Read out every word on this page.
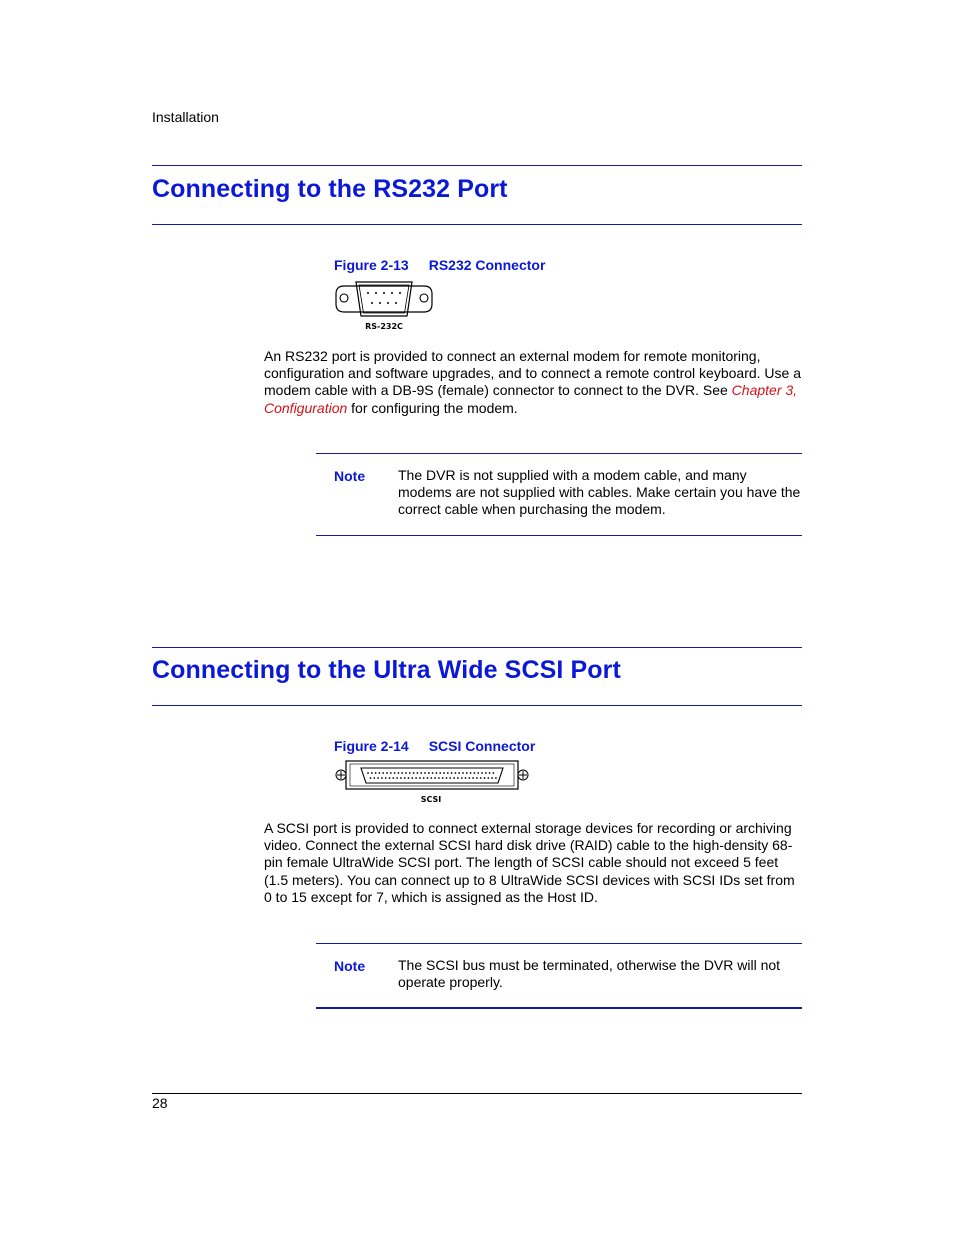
Installation
Connecting to the RS232 Port
Figure 2-13 RS232 Connector
RS-232C
An RS232 port is provided to connect an external modem for remote monitoring, configuration and software upgrades, and to connect a remote control keyboard. Use a modem cable with a DB-9S (female) connector to connect to the DVR. See Chapter 3, Configuration for configuring the modem.
Note The DVR is not supplied with a modem cable, and many modems are not supplied with cables. Make certain you have the correct cable when purchasing the modem.
Connecting to the Ultra Wide SCSI Port
Figure 2-14 SCSI Connector
SCSI
A SCSI port is provided to connect external storage devices for recording or archiving video. Connect the external SCSI hard disk drive (RAID) cable to the high-density 68-pin female UltraWide SCSI port. The length of SCSI cable should not exceed 5 feet (1.5 meters). You can connect up to 8 UltraWide SCSI devices with SCSI IDs set from 0 to 15 except for 7, which is assigned as the Host ID.
Note The SCSI bus must be terminated, otherwise the DVR will not operate properly.
28
